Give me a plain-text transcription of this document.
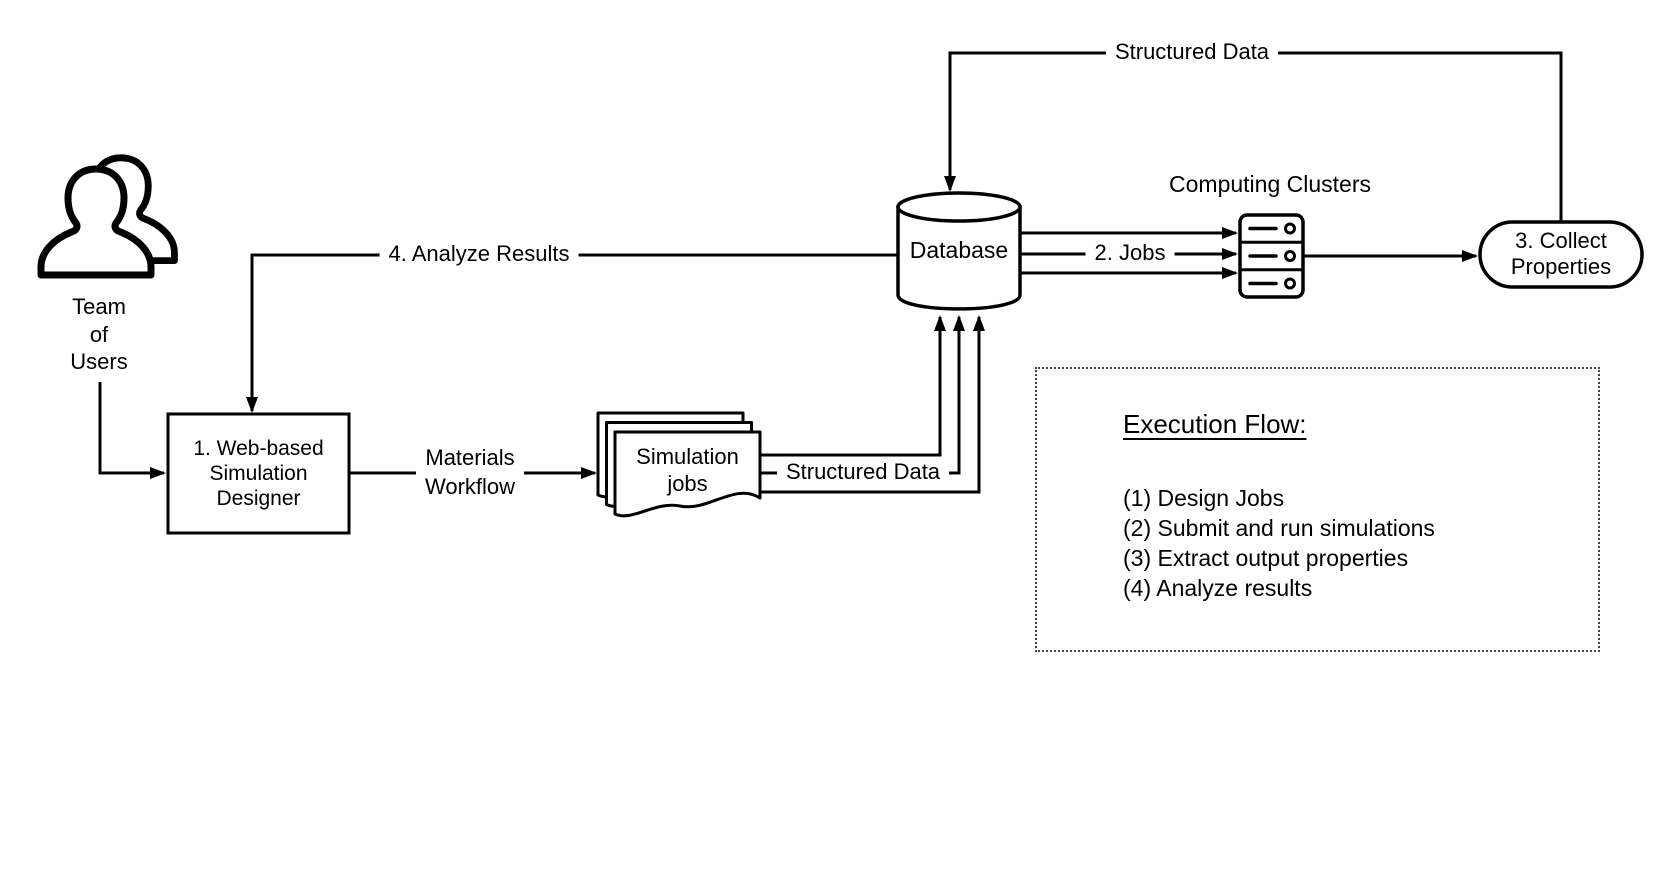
Team
of
Users
1. Web-based
Simulation
Designer
Simulation
jobs
Database
Computing Clusters
3. Collect
Properties
4. Analyze Results
Materials
Workflow
Structured Data
Structured Data
2. Jobs
Execution Flow:
(1) Design Jobs
(2) Submit and run simulations
(3) Extract output properties
(4) Analyze results
